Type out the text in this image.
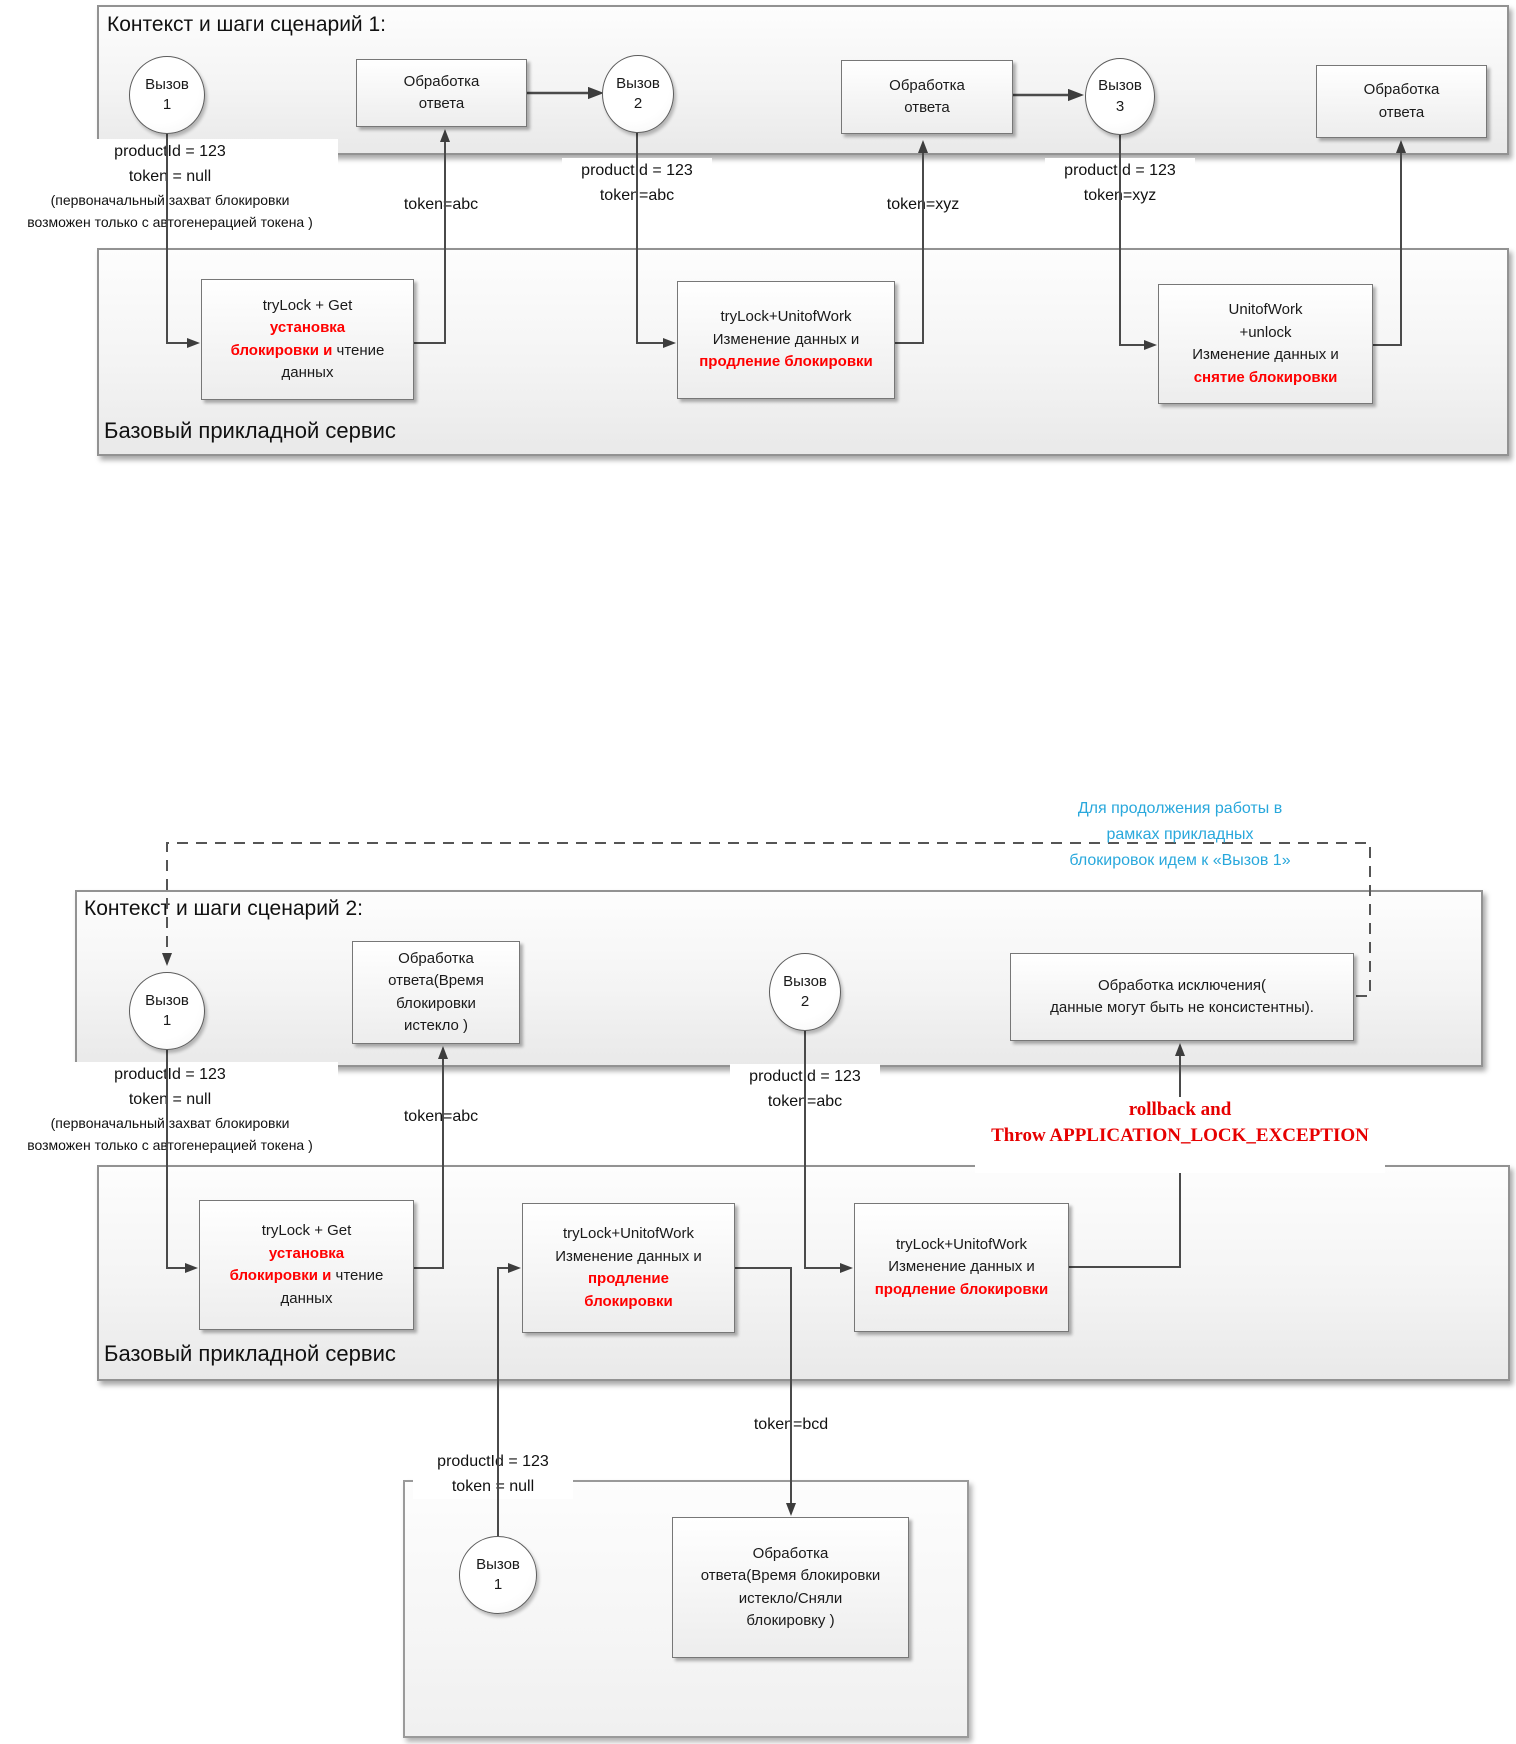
Контекст и шаги сценарий 1:
Базовый прикладной сервис
Вызов
1
Обработка
ответа
Вызов
2
Обработка
ответа
Вызов
3
Обработка
ответа
tryLock + Get
установка
блокировки и чтение
данных
tryLock+UnitofWork
Изменение данных и
продление блокировки
UnitofWork
+unlock
Изменение данных и
снятие блокировки
productId = 123
token = null
(первоначальный захват блокировки
возможен только с автогенерацией токена )
token=abc
productId = 123
token=abc
token=xyz
productId = 123
token=xyz
Контекст и шаги сценарий 2:
Базовый прикладной сервис
Вызов
1
Обработка
ответа(Время
блокировки
истекло )
Вызов
2
Обработка исключения(
данные могут быть не консистентны).
tryLock + Get
установка
блокировки и чтение
данных
tryLock+UnitofWork
Изменение данных и
продление
блокировки
tryLock+UnitofWork
Изменение данных и
продление блокировки
Вызов
1
Обработка
ответа(Время блокировки
истекло/Сняли
блокировку )
productId = 123
token = null
(первоначальный захват блокировки
возможен только с автогенерацией токена )
token=abc
productId = 123
token=abc	rollback and
Throw APPLICATION_LOCK_EXCEPTION
Для продолжения работы в
рамках прикладных
блокировок идем к «Вызов 1»
productId = 123
token = null
token=bcd
